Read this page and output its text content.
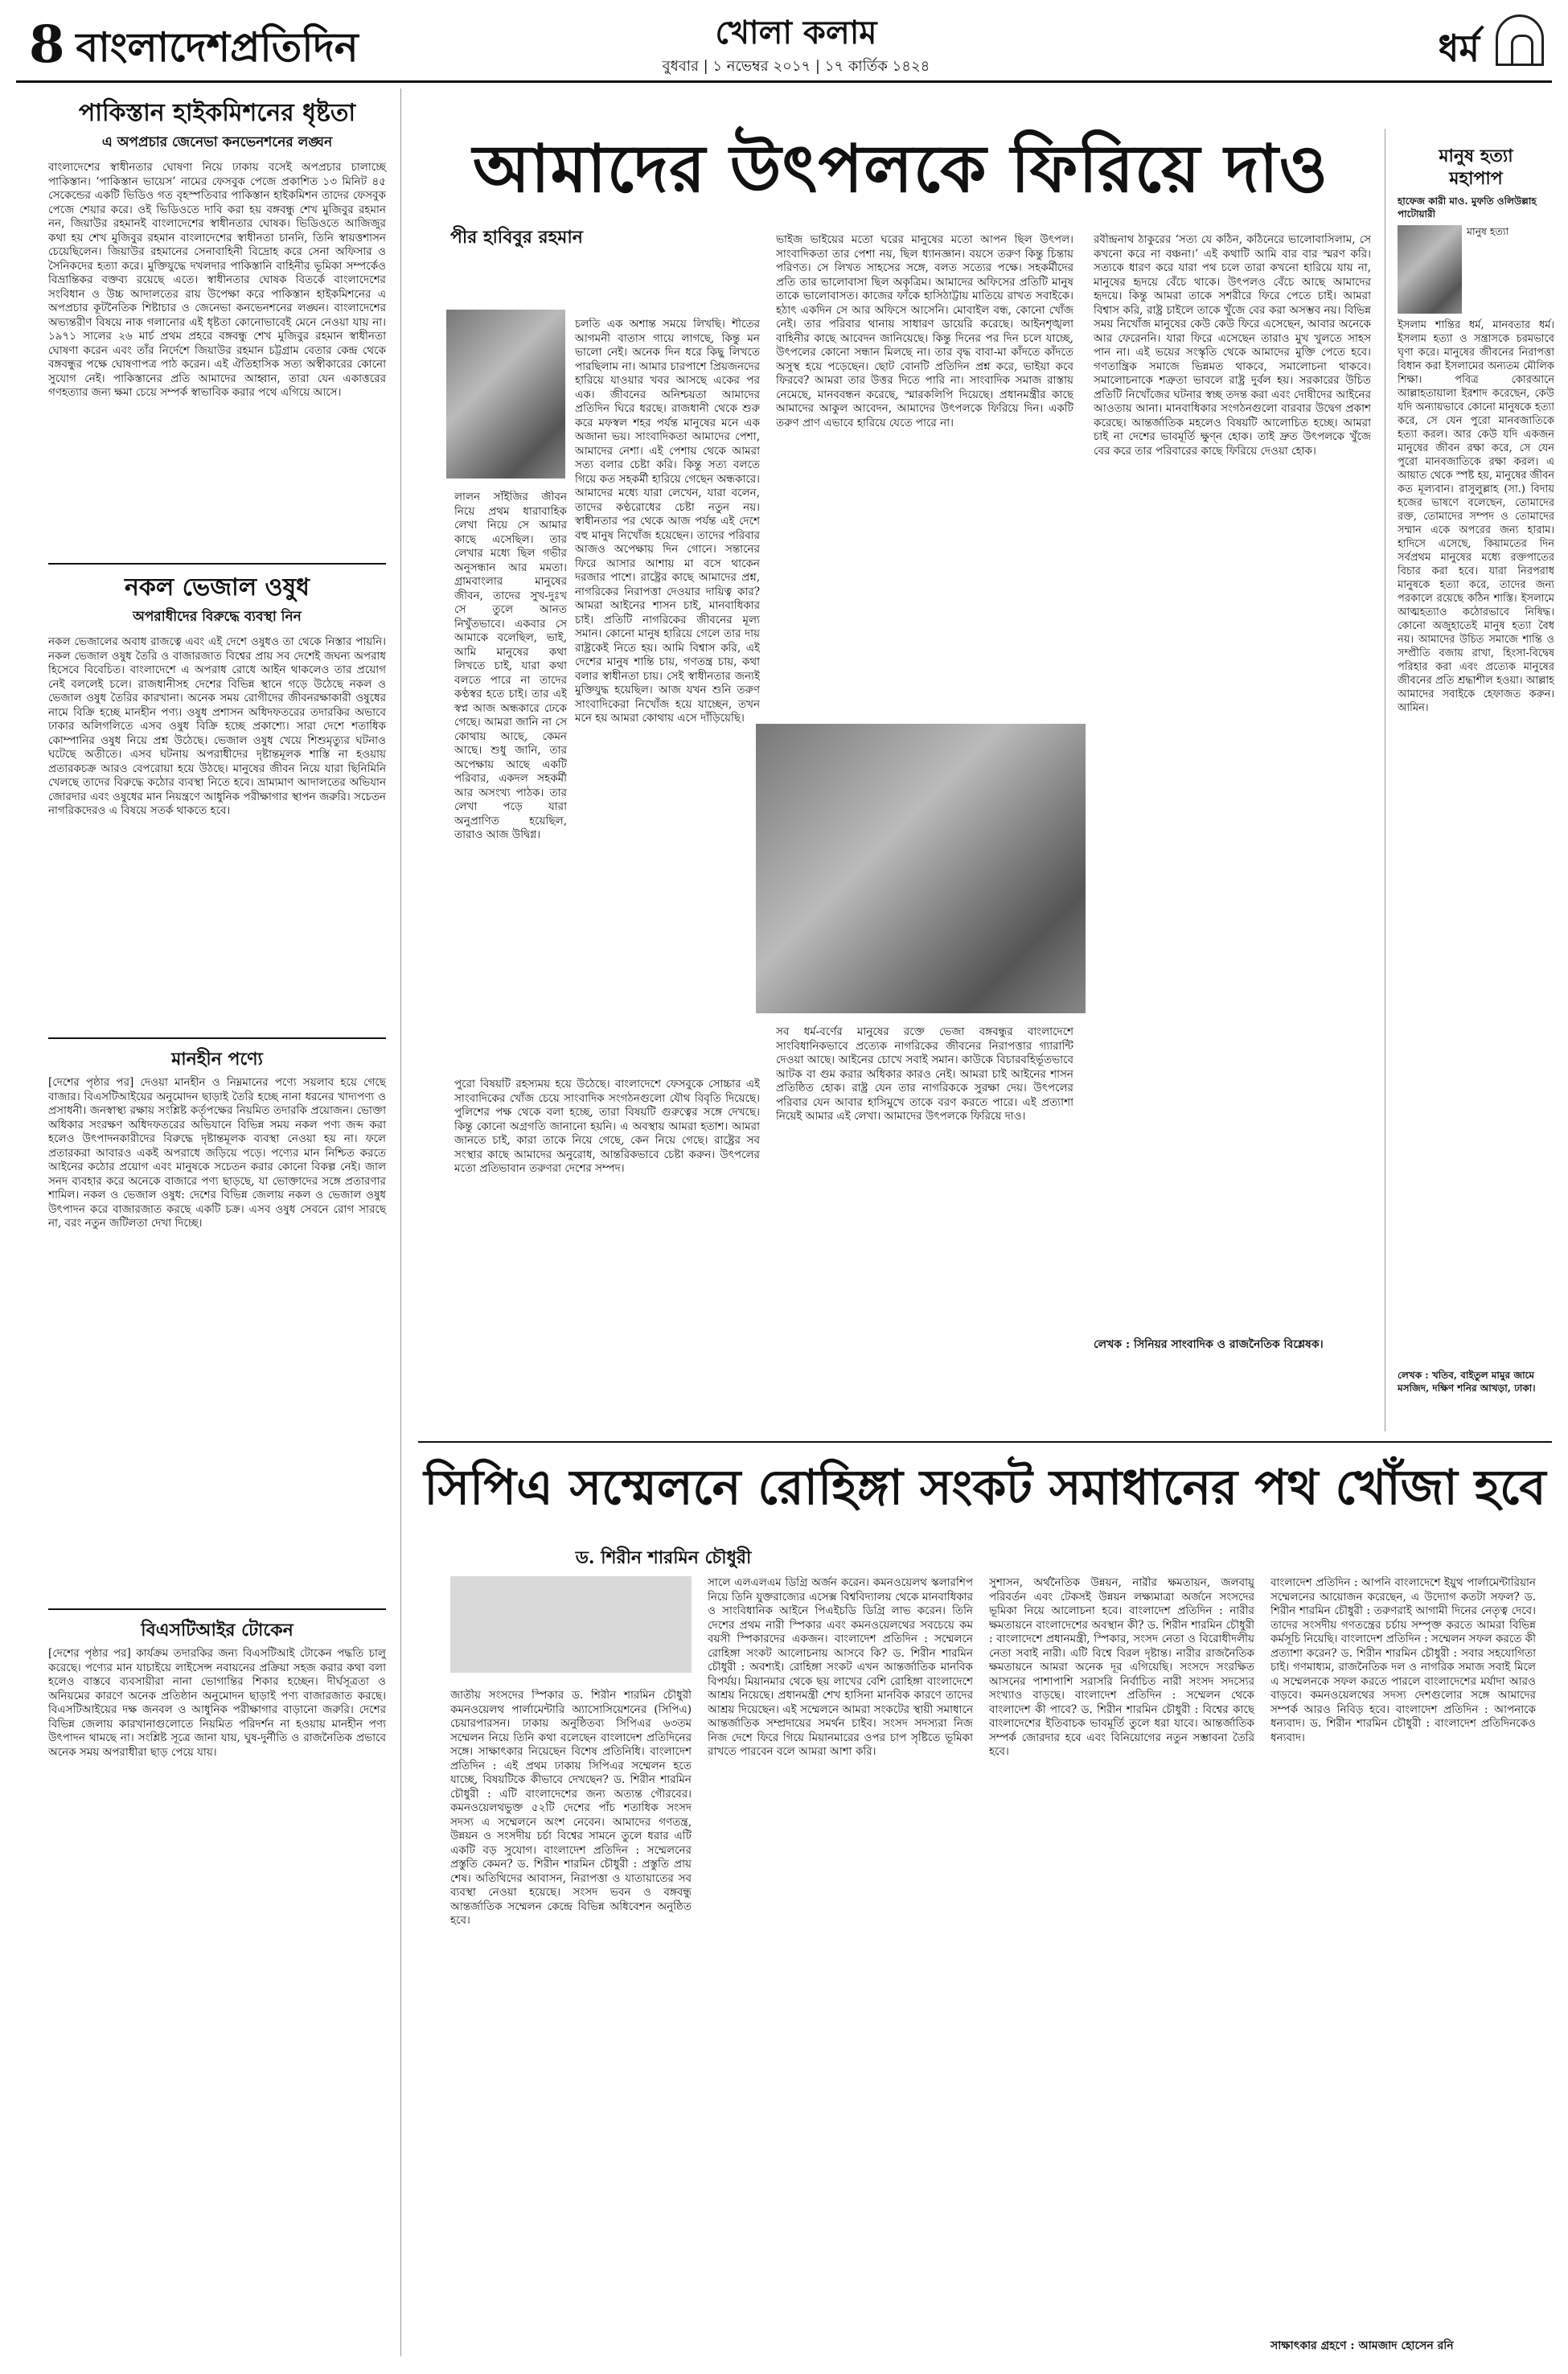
8 বাংলাদেশপ্রতিদিন	খোলা কলাম
বুধবার | ১ নভেম্বর ২০১৭ | ১৭ কার্তিক ১৪২৪	ধর্ম
পাকিস্তান হাইকমিশনের ধৃষ্টতা
এ অপপ্রচার জেনেভা কনভেনশনের লঙ্ঘন
বাংলাদেশের স্বাধীনতার ঘোষণা নিয়ে ঢাকায় বসেই অপপ্রচার চালাচ্ছে পাকিস্তান। ‘পাকিস্তান ভায়েস’ নামের ফেসবুক পেজে প্রকাশিত ১৩ মিনিট ৪৫ সেকেন্ডের একটি ভিডিও গত বৃহস্পতিবার পাকিস্তান হাইকমিশন তাদের ফেসবুক পেজে শেয়ার করে। ওই ভিডিওতে দাবি করা হয় বঙ্গবন্ধু শেখ মুজিবুর রহমান নন, জিয়াউর রহমানই বাংলাদেশের স্বাধীনতার ঘোষক। ভিডিওতে আজিজুর কথা হয় শেখ মুজিবুর রহমান বাংলাদেশের স্বাধীনতা চাননি, তিনি স্বায়ত্তশাসন চেয়েছিলেন। জিয়াউর রহমানের সেনাবাহিনী বিদ্রোহ করে সেনা অফিসার ও সৈনিকদের হত্যা করে। মুক্তিযুদ্ধে দখলদার পাকিস্তানি বাহিনীর ভূমিকা সম্পর্কেও বিভ্রান্তিকর বক্তব্য রয়েছে এতে। স্বাধীনতার ঘোষক বিতর্কে বাংলাদেশের সংবিধান ও উচ্চ আদালতের রায় উপেক্ষা করে পাকিস্তান হাইকমিশনের এ অপপ্রচার কূটনৈতিক শিষ্টাচার ও জেনেভা কনভেনশনের লঙ্ঘন। বাংলাদেশের অভ্যন্তরীণ বিষয়ে নাক গলানোর এই ধৃষ্টতা কোনোভাবেই মেনে নেওয়া যায় না। ১৯৭১ সালের ২৬ মার্চ প্রথম প্রহরে বঙ্গবন্ধু শেখ মুজিবুর রহমান স্বাধীনতা ঘোষণা করেন এবং তাঁর নির্দেশে জিয়াউর রহমান চট্টগ্রাম বেতার কেন্দ্র থেকে বঙ্গবন্ধুর পক্ষে ঘোষণাপত্র পাঠ করেন। এই ঐতিহাসিক সত্য অস্বীকারের কোনো সুযোগ নেই। পাকিস্তানের প্রতি আমাদের আহ্বান, তারা যেন একাত্তরের গণহত্যার জন্য ক্ষমা চেয়ে সম্পর্ক স্বাভাবিক করার পথে এগিয়ে আসে।
নকল ভেজাল ওষুধ
অপরাধীদের বিরুদ্ধে ব্যবস্থা নিন
নকল ভেজালের অবাধ রাজত্বে এবং এই দেশে ওষুধও তা থেকে নিস্তার পায়নি। নকল ভেজাল ওষুধ তৈরি ও বাজারজাত বিশ্বের প্রায় সব দেশেই জঘন্য অপরাধ হিসেবে বিবেচিত। বাংলাদেশে এ অপরাধ রোধে আইন থাকলেও তার প্রয়োগ নেই বললেই চলে। রাজধানীসহ দেশের বিভিন্ন স্থানে গড়ে উঠেছে নকল ও ভেজাল ওষুধ তৈরির কারখানা। অনেক সময় রোগীদের জীবনরক্ষাকারী ওষুধের নামে বিক্রি হচ্ছে মানহীন পণ্য। ওষুধ প্রশাসন অধিদফতরের তদারকির অভাবে ঢাকার অলিগলিতে এসব ওষুধ বিক্রি হচ্ছে প্রকাশ্যে। সারা দেশে শতাধিক কোম্পানির ওষুধ নিয়ে প্রশ্ন উঠেছে। ভেজাল ওষুধ খেয়ে শিশুমৃত্যুর ঘটনাও ঘটেছে অতীতে। এসব ঘটনায় অপরাধীদের দৃষ্টান্তমূলক শাস্তি না হওয়ায় প্রতারকচক্র আরও বেপরোয়া হয়ে উঠছে। মানুষের জীবন নিয়ে যারা ছিনিমিনি খেলছে তাদের বিরুদ্ধে কঠোর ব্যবস্থা নিতে হবে। ভ্রাম্যমাণ আদালতের অভিযান জোরদার এবং ওষুধের মান নিয়ন্ত্রণে আধুনিক পরীক্ষাগার স্থাপন জরুরি। সচেতন নাগরিকদেরও এ বিষয়ে সতর্ক থাকতে হবে।
মানহীন পণ্যে
[দেশের পৃষ্ঠার পর] দেওয়া মানহীন ও নিম্নমানের পণ্যে সয়লাব হয়ে গেছে বাজার। বিএসটিআইয়ের অনুমোদন ছাড়াই তৈরি হচ্ছে নানা ধরনের খাদ্যপণ্য ও প্রসাধনী। জনস্বাস্থ্য রক্ষায় সংশ্লিষ্ট কর্তৃপক্ষের নিয়মিত তদারকি প্রয়োজন। ভোক্তা অধিকার সংরক্ষণ অধিদফতরের অভিযানে বিভিন্ন সময় নকল পণ্য জব্দ করা হলেও উৎপাদনকারীদের বিরুদ্ধে দৃষ্টান্তমূলক ব্যবস্থা নেওয়া হয় না। ফলে প্রতারকরা আবারও একই অপরাধে জড়িয়ে পড়ে। পণ্যের মান নিশ্চিত করতে আইনের কঠোর প্রয়োগ এবং মানুষকে সচেতন করার কোনো বিকল্প নেই। জাল সনদ ব্যবহার করে অনেকে বাজারে পণ্য ছাড়ছে, যা ভোক্তাদের সঙ্গে প্রতারণার শামিল। নকল ও ভেজাল ওষুধ: দেশের বিভিন্ন জেলায় নকল ও ভেজাল ওষুধ উৎপাদন করে বাজারজাত করছে একটি চক্র। এসব ওষুধ সেবনে রোগ সারছে না, বরং নতুন জটিলতা দেখা দিচ্ছে।
বিএসটিআইর টোকেন
[দেশের পৃষ্ঠার পর] কার্যক্রম তদারকির জন্য বিএসটিআই টোকেন পদ্ধতি চালু করেছে। পণ্যের মান যাচাইয়ে লাইসেন্স নবায়নের প্রক্রিয়া সহজ করার কথা বলা হলেও বাস্তবে ব্যবসায়ীরা নানা ভোগান্তির শিকার হচ্ছেন। দীর্ঘসূত্রতা ও অনিয়মের কারণে অনেক প্রতিষ্ঠান অনুমোদন ছাড়াই পণ্য বাজারজাত করছে। বিএসটিআইয়ের দক্ষ জনবল ও আধুনিক পরীক্ষাগার বাড়ানো জরুরি। দেশের বিভিন্ন জেলায় কারখানাগুলোতে নিয়মিত পরিদর্শন না হওয়ায় মানহীন পণ্য উৎপাদন থামছে না। সংশ্লিষ্ট সূত্রে জানা যায়, ঘুষ-দুর্নীতি ও রাজনৈতিক প্রভাবে অনেক সময় অপরাধীরা ছাড় পেয়ে যায়।
আমাদের উৎপলকে ফিরিয়ে দাও
পীর হাবিবুর রহমান
চলতি এক অশান্ত সময়ে লিখছি। শীতের আগমনী বাতাস গায়ে লাগছে, কিন্তু মন ভালো নেই। অনেক দিন ধরে কিছু লিখতে পারছিলাম না। আমার চারপাশে প্রিয়জনদের হারিয়ে যাওয়ার খবর আসছে একের পর এক। জীবনের অনিশ্চয়তা আমাদের প্রতিদিন ঘিরে ধরছে। রাজধানী থেকে শুরু করে মফস্বল শহর পর্যন্ত মানুষের মনে এক অজানা ভয়। সাংবাদিকতা আমাদের পেশা, আমাদের নেশা। এই পেশায় থেকে আমরা সত্য বলার চেষ্টা করি। কিন্তু সত্য বলতে গিয়ে কত সহকর্মী হারিয়ে গেছেন অন্ধকারে। আমাদের মধ্যে যারা লেখেন, যারা বলেন, তাদের কণ্ঠরোধের চেষ্টা নতুন নয়। স্বাধীনতার পর থেকে আজ পর্যন্ত এই দেশে বহু মানুষ নিখোঁজ হয়েছেন। তাদের পরিবার আজও অপেক্ষায় দিন গোনে। সন্তানের ফিরে আসার আশায় মা বসে থাকেন দরজার পাশে। রাষ্ট্রের কাছে আমাদের প্রশ্ন, নাগরিকের নিরাপত্তা দেওয়ার দায়িত্ব কার? আমরা আইনের শাসন চাই, মানবাধিকার চাই। প্রতিটি নাগরিকের জীবনের মূল্য সমান। কোনো মানুষ হারিয়ে গেলে তার দায় রাষ্ট্রকেই নিতে হয়। আমি বিশ্বাস করি, এই দেশের মানুষ শান্তি চায়, গণতন্ত্র চায়, কথা বলার স্বাধীনতা চায়। সেই স্বাধীনতার জন্যই মুক্তিযুদ্ধ হয়েছিল। আজ যখন শুনি তরুণ সাংবাদিকেরা নিখোঁজ হয়ে যাচ্ছেন, তখন মনে হয় আমরা কোথায় এসে দাঁড়িয়েছি।
লালন সাঁইজির জীবন নিয়ে প্রথম ধারাবাহিক লেখা নিয়ে সে আমার কাছে এসেছিল। তার লেখার মধ্যে ছিল গভীর অনুসন্ধান আর মমতা। গ্রামবাংলার মানুষের জীবন, তাদের সুখ-দুঃখ সে তুলে আনত নিখুঁতভাবে। একবার সে আমাকে বলেছিল, ভাই, আমি মানুষের কথা লিখতে চাই, যারা কথা বলতে পারে না তাদের কণ্ঠস্বর হতে চাই। তার এই স্বপ্ন আজ অন্ধকারে ঢেকে গেছে। আমরা জানি না সে কোথায় আছে, কেমন আছে। শুধু জানি, তার অপেক্ষায় আছে একটি পরিবার, একদল সহকর্মী আর অসংখ্য পাঠক। তার লেখা পড়ে যারা অনুপ্রাণিত হয়েছিল, তারাও আজ উদ্বিগ্ন।
ভাইজ ভাইয়ের মতো ঘরের মানুষের মতো আপন ছিল উৎপল। সাংবাদিকতা তার পেশা নয়, ছিল ধ্যানজ্ঞান। বয়সে তরুণ কিন্তু চিন্তায় পরিণত। সে লিখত সাহসের সঙ্গে, বলত সত্যের পক্ষে। সহকর্মীদের প্রতি তার ভালোবাসা ছিল অকৃত্রিম। আমাদের অফিসের প্রতিটি মানুষ তাকে ভালোবাসত। কাজের ফাঁকে হাসিঠাট্টায় মাতিয়ে রাখত সবাইকে। হঠাৎ একদিন সে আর অফিসে আসেনি। মোবাইল বন্ধ, কোনো খোঁজ নেই। তার পরিবার থানায় সাধারণ ডায়েরি করেছে। আইনশৃঙ্খলা বাহিনীর কাছে আবেদন জানিয়েছে। কিন্তু দিনের পর দিন চলে যাচ্ছে, উৎপলের কোনো সন্ধান মিলছে না। তার বৃদ্ধ বাবা-মা কাঁদতে কাঁদতে অসুস্থ হয়ে পড়েছেন। ছোট বোনটি প্রতিদিন প্রশ্ন করে, ভাইয়া কবে ফিরবে? আমরা তার উত্তর দিতে পারি না। সাংবাদিক সমাজ রাস্তায় নেমেছে, মানববন্ধন করেছে, স্মারকলিপি দিয়েছে। প্রধানমন্ত্রীর কাছে আমাদের আকুল আবেদন, আমাদের উৎপলকে ফিরিয়ে দিন। একটি তরুণ প্রাণ এভাবে হারিয়ে যেতে পারে না।
রবীন্দ্রনাথ ঠাকুরের ‘সত্য যে কঠিন, কঠিনেরে ভালোবাসিলাম, সে কখনো করে না বঞ্চনা।’ এই কথাটি আমি বার বার স্মরণ করি। সত্যকে ধারণ করে যারা পথ চলে তারা কখনো হারিয়ে যায় না, মানুষের হৃদয়ে বেঁচে থাকে। উৎপলও বেঁচে আছে আমাদের হৃদয়ে। কিন্তু আমরা তাকে সশরীরে ফিরে পেতে চাই। আমরা বিশ্বাস করি, রাষ্ট্র চাইলে তাকে খুঁজে বের করা অসম্ভব নয়। বিভিন্ন সময় নিখোঁজ মানুষের কেউ কেউ ফিরে এসেছেন, আবার অনেকে আর ফেরেননি। যারা ফিরে এসেছেন তারাও মুখ খুলতে সাহস পান না। এই ভয়ের সংস্কৃতি থেকে আমাদের মুক্তি পেতে হবে। গণতান্ত্রিক সমাজে ভিন্নমত থাকবে, সমালোচনা থাকবে। সমালোচনাকে শত্রুতা ভাবলে রাষ্ট্র দুর্বল হয়। সরকারের উচিত প্রতিটি নিখোঁজের ঘটনার স্বচ্ছ তদন্ত করা এবং দোষীদের আইনের আওতায় আনা। মানবাধিকার সংগঠনগুলো বারবার উদ্বেগ প্রকাশ করেছে। আন্তর্জাতিক মহলেও বিষয়টি আলোচিত হচ্ছে। আমরা চাই না দেশের ভাবমূর্তি ক্ষুণ্ন হোক। তাই দ্রুত উৎপলকে খুঁজে বের করে তার পরিবারের কাছে ফিরিয়ে দেওয়া হোক।
পুরো বিষয়টি রহস্যময় হয়ে উঠেছে। বাংলাদেশে ফেসবুকে সোচ্চার এই সাংবাদিকের খোঁজ চেয়ে সাংবাদিক সংগঠনগুলো যৌথ বিবৃতি দিয়েছে। পুলিশের পক্ষ থেকে বলা হচ্ছে, তারা বিষয়টি গুরুত্বের সঙ্গে দেখছে। কিন্তু কোনো অগ্রগতি জানানো হয়নি। এ অবস্থায় আমরা হতাশ। আমরা জানতে চাই, কারা তাকে নিয়ে গেছে, কেন নিয়ে গেছে। রাষ্ট্রের সব সংস্থার কাছে আমাদের অনুরোধ, আন্তরিকভাবে চেষ্টা করুন। উৎপলের মতো প্রতিভাবান তরুণরা দেশের সম্পদ।
সব ধর্ম-বর্ণের মানুষের রক্তে ভেজা বঙ্গবন্ধুর বাংলাদেশে সাংবিধানিকভাবে প্রত্যেক নাগরিকের জীবনের নিরাপত্তার গ্যারান্টি দেওয়া আছে। আইনের চোখে সবাই সমান। কাউকে বিচারবহির্ভূতভাবে আটক বা গুম করার অধিকার কারও নেই। আমরা চাই আইনের শাসন প্রতিষ্ঠিত হোক। রাষ্ট্র যেন তার নাগরিককে সুরক্ষা দেয়। উৎপলের পরিবার যেন আবার হাসিমুখে তাকে বরণ করতে পারে। এই প্রত্যাশা নিয়েই আমার এই লেখা। আমাদের উৎপলকে ফিরিয়ে দাও।
লেখক : সিনিয়র সাংবাদিক ও রাজনৈতিক বিশ্লেষক।
মানুষ হত্যা
মহাপাপ
হাফেজ কারী মাও. মুফতি ওলিউল্লাহ পাটোয়ারী
মানুষ হত্যা
ইসলাম শান্তির ধর্ম, মানবতার ধর্ম। ইসলাম হত্যা ও সন্ত্রাসকে চরমভাবে ঘৃণা করে। মানুষের জীবনের নিরাপত্তা বিধান করা ইসলামের অন্যতম মৌলিক শিক্ষা। পবিত্র কোরআনে আল্লাহতায়ালা ইরশাদ করেছেন, কেউ যদি অন্যায়ভাবে কোনো মানুষকে হত্যা করে, সে যেন পুরো মানবজাতিকে হত্যা করল। আর কেউ যদি একজন মানুষের জীবন রক্ষা করে, সে যেন পুরো মানবজাতিকে রক্ষা করল। এ আয়াত থেকে স্পষ্ট হয়, মানুষের জীবন কত মূল্যবান। রাসুলুল্লাহ (সা.) বিদায় হজের ভাষণে বলেছেন, তোমাদের রক্ত, তোমাদের সম্পদ ও তোমাদের সম্মান একে অপরের জন্য হারাম। হাদিসে এসেছে, কিয়ামতের দিন সর্বপ্রথম মানুষের মধ্যে রক্তপাতের বিচার করা হবে। যারা নিরপরাধ মানুষকে হত্যা করে, তাদের জন্য পরকালে রয়েছে কঠিন শাস্তি। ইসলামে আত্মহত্যাও কঠোরভাবে নিষিদ্ধ। কোনো অজুহাতেই মানুষ হত্যা বৈধ নয়। আমাদের উচিত সমাজে শান্তি ও সম্প্রীতি বজায় রাখা, হিংসা-বিদ্বেষ পরিহার করা এবং প্রত্যেক মানুষের জীবনের প্রতি শ্রদ্ধাশীল হওয়া। আল্লাহ আমাদের সবাইকে হেফাজত করুন। আমিন।
লেখক : খতিব, বাইতুল মামুর জামে মসজিদ, দক্ষিণ শনির আখড়া, ঢাকা।
সিপিএ সম্মেলনে রোহিঙ্গা সংকট সমাধানের পথ খোঁজা হবে
ড. শিরীন শারমিন চৌধুরী
জাতীয় সংসদের স্পিকার ড. শিরীন শারমিন চৌধুরী কমনওয়েলথ পার্লামেন্টারি অ্যাসোসিয়েশনের (সিপিএ) চেয়ারপারসন। ঢাকায় অনুষ্ঠিতব্য সিপিএর ৬৩তম সম্মেলন নিয়ে তিনি কথা বলেছেন বাংলাদেশ প্রতিদিনের সঙ্গে। সাক্ষাৎকার নিয়েছেন বিশেষ প্রতিনিধি। বাংলাদেশ প্রতিদিন : এই প্রথম ঢাকায় সিপিএর সম্মেলন হতে যাচ্ছে, বিষয়টিকে কীভাবে দেখছেন? ড. শিরীন শারমিন চৌধুরী : এটি বাংলাদেশের জন্য অত্যন্ত গৌরবের। কমনওয়েলথভুক্ত ৫২টি দেশের পাঁচ শতাধিক সংসদ সদস্য এ সম্মেলনে অংশ নেবেন। আমাদের গণতন্ত্র, উন্নয়ন ও সংসদীয় চর্চা বিশ্বের সামনে তুলে ধরার এটি একটি বড় সুযোগ। বাংলাদেশ প্রতিদিন : সম্মেলনের প্রস্তুতি কেমন? ড. শিরীন শারমিন চৌধুরী : প্রস্তুতি প্রায় শেষ। অতিথিদের আবাসন, নিরাপত্তা ও যাতায়াতের সব ব্যবস্থা নেওয়া হয়েছে। সংসদ ভবন ও বঙ্গবন্ধু আন্তর্জাতিক সম্মেলন কেন্দ্রে বিভিন্ন অধিবেশন অনুষ্ঠিত হবে।
সালে এলএলএম ডিগ্রি অর্জন করেন। কমনওয়েলথ স্কলারশিপ নিয়ে তিনি যুক্তরাজ্যের এসেক্স বিশ্ববিদ্যালয় থেকে মানবাধিকার ও সাংবিধানিক আইনে পিএইচডি ডিগ্রি লাভ করেন। তিনি দেশের প্রথম নারী স্পিকার এবং কমনওয়েলথের সবচেয়ে কম বয়সী স্পিকারদের একজন। বাংলাদেশ প্রতিদিন : সম্মেলনে রোহিঙ্গা সংকট আলোচনায় আসবে কি? ড. শিরীন শারমিন চৌধুরী : অবশ্যই। রোহিঙ্গা সংকট এখন আন্তর্জাতিক মানবিক বিপর্যয়। মিয়ানমার থেকে ছয় লাখের বেশি রোহিঙ্গা বাংলাদেশে আশ্রয় নিয়েছে। প্রধানমন্ত্রী শেখ হাসিনা মানবিক কারণে তাদের আশ্রয় দিয়েছেন। এই সম্মেলনে আমরা সংকটের স্থায়ী সমাধানে আন্তর্জাতিক সম্প্রদায়ের সমর্থন চাইব। সংসদ সদস্যরা নিজ নিজ দেশে ফিরে গিয়ে মিয়ানমারের ওপর চাপ সৃষ্টিতে ভূমিকা রাখতে পারবেন বলে আমরা আশা করি।
সুশাসন, অর্থনৈতিক উন্নয়ন, নারীর ক্ষমতায়ন, জলবায়ু পরিবর্তন এবং টেকসই উন্নয়ন লক্ষ্যমাত্রা অর্জনে সংসদের ভূমিকা নিয়ে আলোচনা হবে। বাংলাদেশ প্রতিদিন : নারীর ক্ষমতায়নে বাংলাদেশের অবস্থান কী? ড. শিরীন শারমিন চৌধুরী : বাংলাদেশে প্রধানমন্ত্রী, স্পিকার, সংসদ নেতা ও বিরোধীদলীয় নেতা সবাই নারী। এটি বিশ্বে বিরল দৃষ্টান্ত। নারীর রাজনৈতিক ক্ষমতায়নে আমরা অনেক দূর এগিয়েছি। সংসদে সংরক্ষিত আসনের পাশাপাশি সরাসরি নির্বাচিত নারী সংসদ সদস্যের সংখ্যাও বাড়ছে। বাংলাদেশ প্রতিদিন : সম্মেলন থেকে বাংলাদেশ কী পাবে? ড. শিরীন শারমিন চৌধুরী : বিশ্বের কাছে বাংলাদেশের ইতিবাচক ভাবমূর্তি তুলে ধরা যাবে। আন্তর্জাতিক সম্পর্ক জোরদার হবে এবং বিনিয়োগের নতুন সম্ভাবনা তৈরি হবে।
বাংলাদেশ প্রতিদিন : আপনি বাংলাদেশে ইয়ুথ পার্লামেন্টারিয়ান সম্মেলনের আয়োজন করেছেন, এ উদ্যোগ কতটা সফল? ড. শিরীন শারমিন চৌধুরী : তরুণরাই আগামী দিনের নেতৃত্ব দেবে। তাদের সংসদীয় গণতন্ত্রের চর্চায় সম্পৃক্ত করতে আমরা বিভিন্ন কর্মসূচি নিয়েছি। বাংলাদেশ প্রতিদিন : সম্মেলন সফল করতে কী প্রত্যাশা করেন? ড. শিরীন শারমিন চৌধুরী : সবার সহযোগিতা চাই। গণমাধ্যম, রাজনৈতিক দল ও নাগরিক সমাজ সবাই মিলে এ সম্মেলনকে সফল করতে পারলে বাংলাদেশের মর্যাদা আরও বাড়বে। কমনওয়েলথের সদস্য দেশগুলোর সঙ্গে আমাদের সম্পর্ক আরও নিবিড় হবে। বাংলাদেশ প্রতিদিন : আপনাকে ধন্যবাদ। ড. শিরীন শারমিন চৌধুরী : বাংলাদেশ প্রতিদিনকেও ধন্যবাদ।
সাক্ষাৎকার গ্রহণে : আমজাদ হোসেন রনি
